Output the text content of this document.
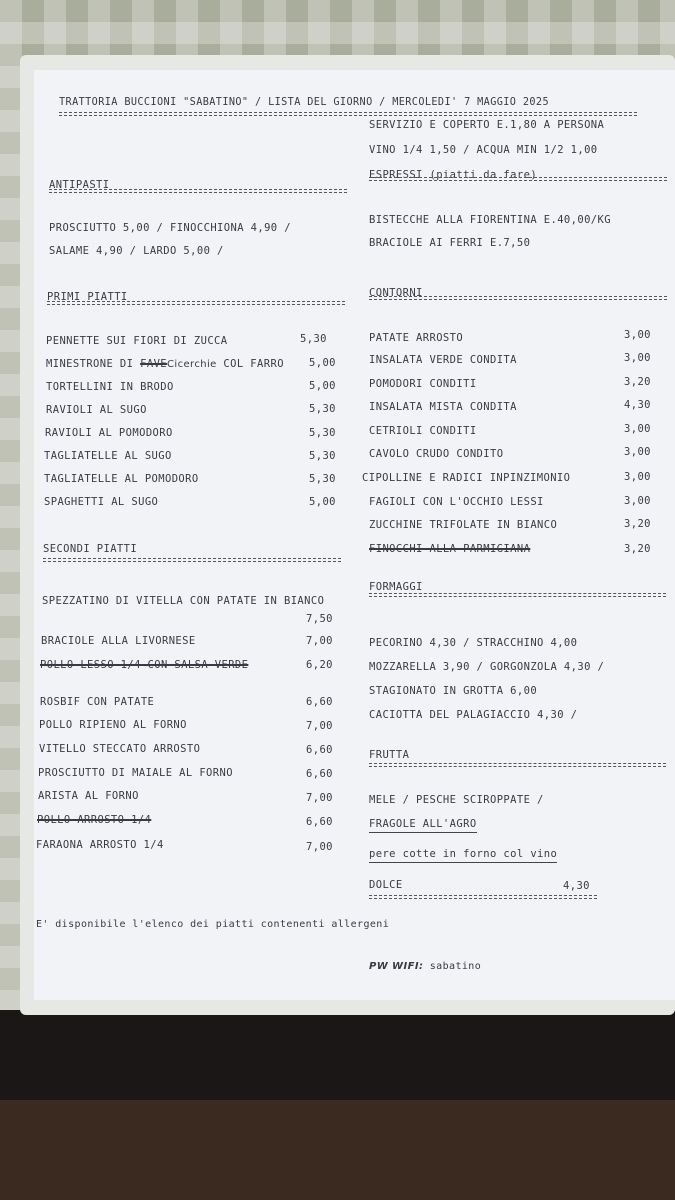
TRATTORIA BUCCIONI "SABATINO" / LISTA DEL GIORNO / MERCOLEDI' 7 MAGGIO 2025
SERVIZIO E COPERTO E.1,80 A PERSONA
VINO 1/4 1,50 / ACQUA MIN 1/2 1,00
ESPRESSI (piatti da fare)
ANTIPASTI
PROSCIUTTO 5,00 / FINOCCHIONA 4,90 /
SALAME 4,90 / LARDO 5,00 /
BISTECCHE ALLA FIORENTINA E.40,00/KG
BRACIOLE AI FERRI E.7,50
PRIMI PIATTI	CONTORNI
PENNETTE SUI FIORI DI ZUCCA	5,30
MINESTRONE DI FAVECicerchie COL FARRO 5,00
TORTELLINI IN BRODO	5,00
RAVIOLI AL SUGO	5,30
RAVIOLI AL POMODORO	5,30
TAGLIATELLE AL SUGO	5,30
TAGLIATELLE AL POMODORO	5,30
SPAGHETTI AL SUGO	5,00
PATATE ARROSTO	3,00
INSALATA VERDE CONDITA	3,00
POMODORI CONDITI	3,20
INSALATA MISTA CONDITA	4,30
CETRIOLI CONDITI	3,00
CAVOLO CRUDO CONDITO	3,00
CIPOLLINE E RADICI INPINZIMONIO	3,00
FAGIOLI CON L'OCCHIO LESSI	3,00
ZUCCHINE TRIFOLATE IN BIANCO	3,20
FINOCCHI ALLA PARMIGIANA	3,20
SECONDI PIATTI
FORMAGGI
SPEZZATINO DI VITELLA CON PATATE IN BIANCO
7,50
BRACIOLE ALLA LIVORNESE	7,00
POLLO LESSO 1/4 CON SALSA VERDE	6,20
ROSBIF CON PATATE	6,60
POLLO RIPIENO AL FORNO	7,00
VITELLO STECCATO ARROSTO	6,60
PROSCIUTTO DI MAIALE AL FORNO	6,60
ARISTA AL FORNO	7,00
POLLO ARROSTO 1/4	6,60
FARAONA ARROSTO 1/4	7,00
PECORINO 4,30 / STRACCHINO 4,00
MOZZARELLA 3,90 / GORGONZOLA 4,30 /
STAGIONATO IN GROTTA 6,00
CACIOTTA DEL PALAGIACCIO 4,30 /
FRUTTA
MELE / PESCHE SCIROPPATE /
FRAGOLE ALL'AGRO
pere cotte in forno col vino
DOLCE	4,30
E' disponibile l'elenco dei piatti contenenti allergeni
PW WIFI: sabatino
